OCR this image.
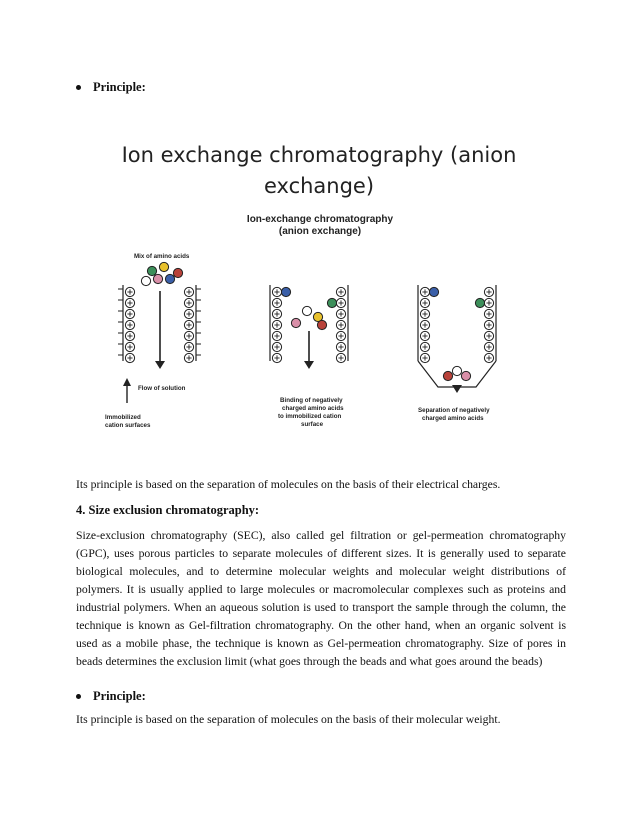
Principle:
Ion exchange chromatography (anion
exchange)
Ion-exchange chromatography
(anion exchange)
Mix of amino acids
Flow of solution
Immobilized
cation surfaces
Binding of negatively
charged amino acids
to immobilized cation
surface
Separation of negatively
charged amino acids
Its principle is based on the separation of molecules on the basis of their electrical charges.
4. Size exclusion chromatography:
Size-exclusion chromatography (SEC), also called gel filtration or gel-permeation chromatography (GPC), uses porous particles to separate molecules of different sizes. It is generally used to separate biological molecules, and to determine molecular weights and molecular weight distributions of polymers. It is usually applied to large molecules or macromolecular complexes such as proteins and industrial polymers. When an aqueous solution is used to transport the sample through the column, the technique is known as Gel-filtration chromatography. On the other hand, when an organic solvent is used as a mobile phase, the technique is known as Gel-permeation chromatography. Size of pores in beads determines the exclusion limit (what goes through the beads and what goes around the beads)
Principle:
Its principle is based on the separation of molecules on the basis of their molecular weight.
